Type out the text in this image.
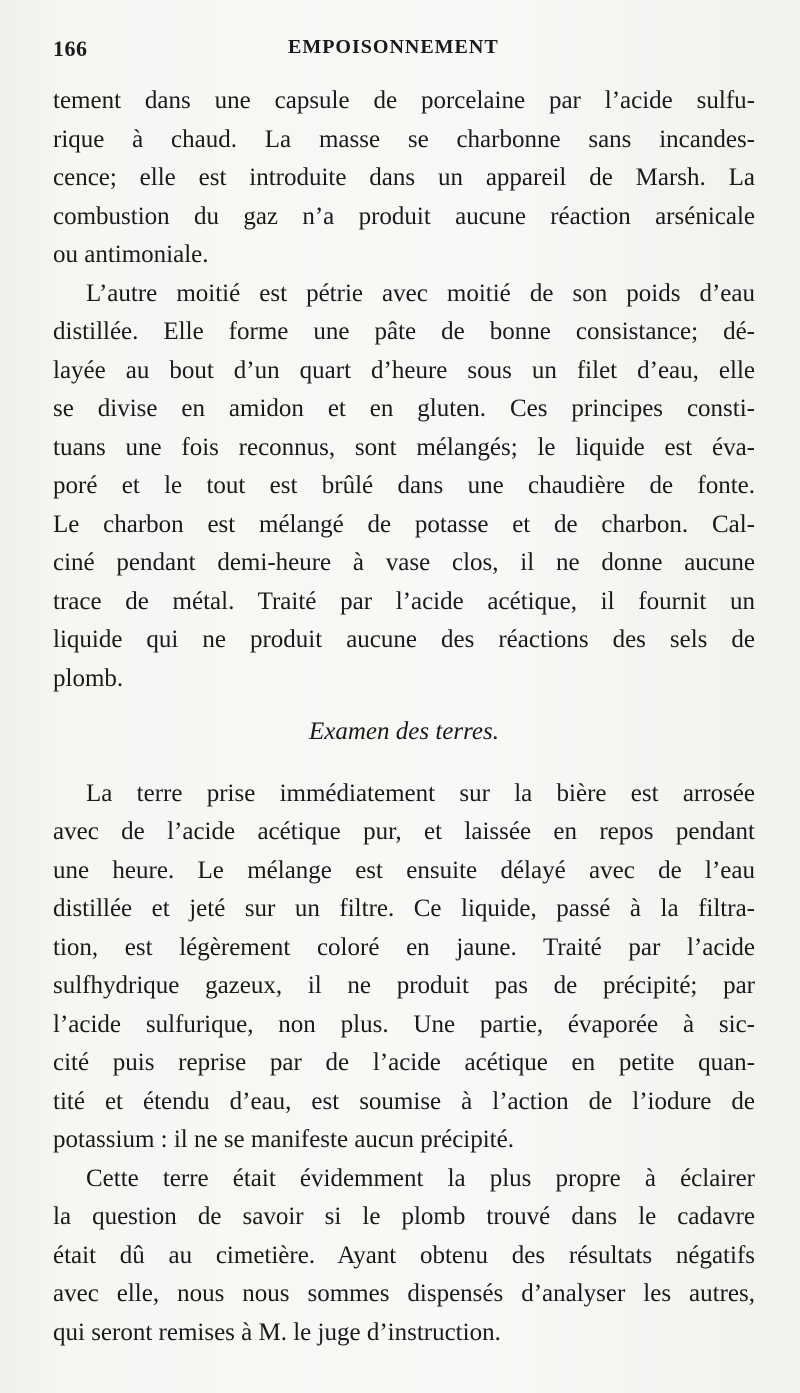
166	EMPOISONNEMENT
tement dans une capsule de porcelaine par l’acide sulfu-
rique à chaud. La masse se charbonne sans incandes-
cence; elle est introduite dans un appareil de Marsh. La
combustion du gaz n’a produit aucune réaction arsénicale
ou antimoniale.
L’autre moitié est pétrie avec moitié de son poids d’eau
distillée. Elle forme une pâte de bonne consistance; dé-
layée au bout d’un quart d’heure sous un filet d’eau, elle
se divise en amidon et en gluten. Ces principes consti-
tuans une fois reconnus, sont mélangés; le liquide est éva-
poré et le tout est brûlé dans une chaudière de fonte.
Le charbon est mélangé de potasse et de charbon. Cal-
ciné pendant demi-heure à vase clos, il ne donne aucune
trace de métal. Traité par l’acide acétique, il fournit un
liquide qui ne produit aucune des réactions des sels de
plomb.
Examen des terres.
La terre prise immédiatement sur la bière est arrosée
avec de l’acide acétique pur, et laissée en repos pendant
une heure. Le mélange est ensuite délayé avec de l’eau
distillée et jeté sur un filtre. Ce liquide, passé à la filtra-
tion, est légèrement coloré en jaune. Traité par l’acide
sulfhydrique gazeux, il ne produit pas de précipité; par
l’acide sulfurique, non plus. Une partie, évaporée à sic-
cité puis reprise par de l’acide acétique en petite quan-
tité et étendu d’eau, est soumise à l’action de l’iodure de
potassium : il ne se manifeste aucun précipité.
Cette terre était évidemment la plus propre à éclairer
la question de savoir si le plomb trouvé dans le cadavre
était dû au cimetière. Ayant obtenu des résultats négatifs
avec elle, nous nous sommes dispensés d’analyser les autres,
qui seront remises à M. le juge d’instruction.
